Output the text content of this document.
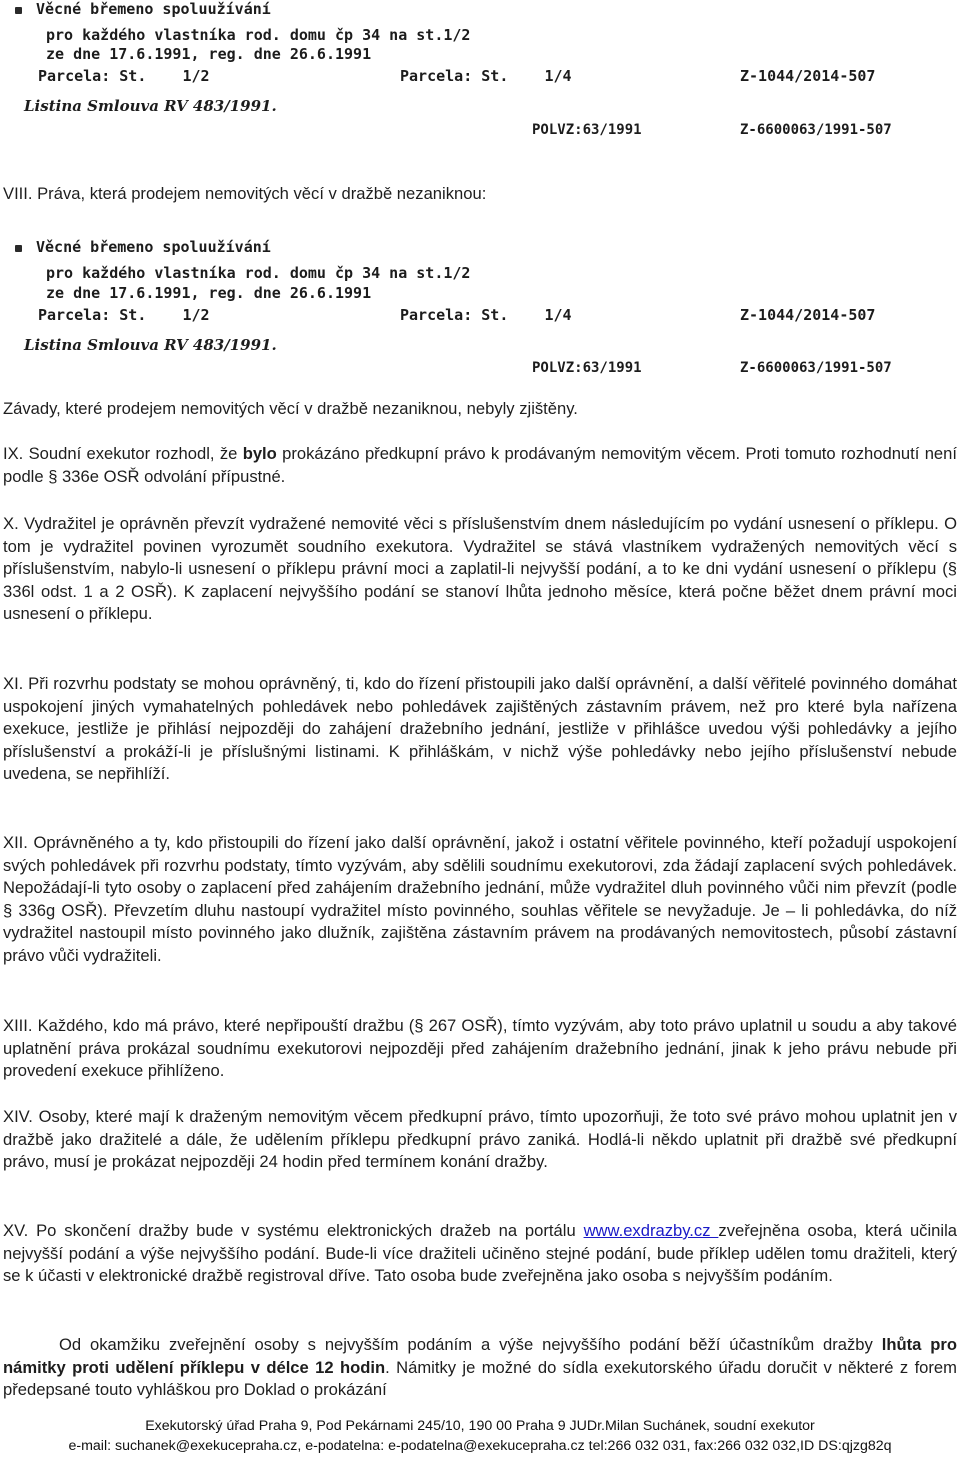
Věcné břemeno spoluužívání
pro každého vlastníka rod. domu čp 34 na st.1/2
ze dne 17.6.1991, reg. dne 26.6.1991
Parcela: St.    1/2	Parcela: St.    1/4	Z-1044/2014-507
Listina Smlouva RV 483/1991.
POLVZ:63/1991	Z-6600063/1991-507
VIII. Práva, která prodejem nemovitých věcí v dražbě nezaniknou:
Věcné břemeno spoluužívání
pro každého vlastníka rod. domu čp 34 na st.1/2
ze dne 17.6.1991, reg. dne 26.6.1991
Parcela: St.    1/2	Parcela: St.    1/4	Z-1044/2014-507
Listina Smlouva RV 483/1991.
POLVZ:63/1991	Z-6600063/1991-507
Závady, které prodejem nemovitých věcí v dražbě nezaniknou, nebyly zjištěny.

IX. Soudní exekutor rozhodl, že bylo prokázáno předkupní právo k prodávaným nemovitým věcem. Proti tomuto rozhodnutí není podle § 336e OSŘ odvolání přípustné.

X. Vydražitel je oprávněn převzít vydražené nemovité věci s příslušenstvím dnem následujícím po vydání usnesení o příklepu. O tom je vydražitel povinen vyrozumět soudního exekutora. Vydražitel se stává vlastníkem vydražených nemovitých věcí s příslušenstvím, nabylo-li usnesení o příklepu právní moci a zaplatil-li nejvyšší podání, a to ke dni vydání usnesení o příklepu (§ 336l odst. 1 a 2 OSŘ). K zaplacení nejvyššího podání se stanoví lhůta jednoho měsíce, která počne běžet dnem právní moci usnesení o příklepu.

XI. Při rozvrhu podstaty se mohou oprávněný, ti, kdo do řízení přistoupili jako další oprávnění, a další věřitelé povinného domáhat uspokojení jiných vymahatelných pohledávek nebo pohledávek zajištěných zástavním právem, než pro které byla nařízena exekuce, jestliže je přihlásí nejpozději do zahájení dražebního jednání, jestliže v přihlášce uvedou výši pohledávky a jejího příslušenství a prokáží-li je příslušnými listinami. K přihláškám, v nichž výše pohledávky nebo jejího příslušenství nebude uvedena, se nepřihlíží.

XII. Oprávněného a ty, kdo přistoupili do řízení jako další oprávnění, jakož i ostatní věřitele povinného, kteří požadují uspokojení svých pohledávek při rozvrhu podstaty, tímto vyzývám, aby sdělili soudnímu exekutorovi, zda žádají zaplacení svých pohledávek. Nepožádají-li tyto osoby o zaplacení před zahájením dražebního jednání, může vydražitel dluh povinného vůči nim převzít (podle § 336g OSŘ). Převzetím dluhu nastoupí vydražitel místo povinného, souhlas věřitele se nevyžaduje. Je – li pohledávka, do níž vydražitel nastoupil místo povinného jako dlužník, zajištěna zástavním právem na prodávaných nemovitostech, působí zástavní právo vůči vydražiteli.

XIII. Každého, kdo má právo, které nepřipouští dražbu (§ 267 OSŘ), tímto vyzývám, aby toto právo uplatnil u soudu a aby takové uplatnění práva prokázal soudnímu exekutorovi nejpozději před zahájením dražebního jednání, jinak k jeho právu nebude při provedení exekuce přihlíženo.

XIV. Osoby, které mají k draženým nemovitým věcem předkupní právo, tímto upozorňuji, že toto své právo mohou uplatnit jen v dražbě jako dražitelé a dále, že udělením příklepu předkupní právo zaniká. Hodlá-li někdo uplatnit při dražbě své předkupní právo, musí je prokázat nejpozději 24 hodin před termínem konání dražby.

XV. Po skončení dražby bude v systému elektronických dražeb na portálu www.exdrazby.cz zveřejněna osoba, která učinila nejvyšší podání a výše nejvyššího podání. Bude-li více dražiteli učiněno stejné podání, bude příklep udělen tomu dražiteli, který se k účasti v elektronické dražbě registroval dříve. Tato osoba bude zveřejněna jako osoba s nejvyšším podáním.

Od okamžiku zveřejnění osoby s nejvyšším podáním a výše nejvyššího podání běží účastníkům dražby lhůta pro námitky proti udělení příklepu v délce 12 hodin. Námitky je možné do sídla exekutorského úřadu doručit v některé z forem předepsané touto vyhláškou pro Doklad o prokázání

Exekutorský úřad Praha 9, Pod Pekárnami 245/10, 190 00 Praha 9 JUDr.Milan Suchánek, soudní exekutor
e-mail: suchanek@exekucepraha.cz, e-podatelna: e-podatelna@exekucepraha.cz tel:266 032 031, fax:266 032 032,ID DS:qjzg82q
